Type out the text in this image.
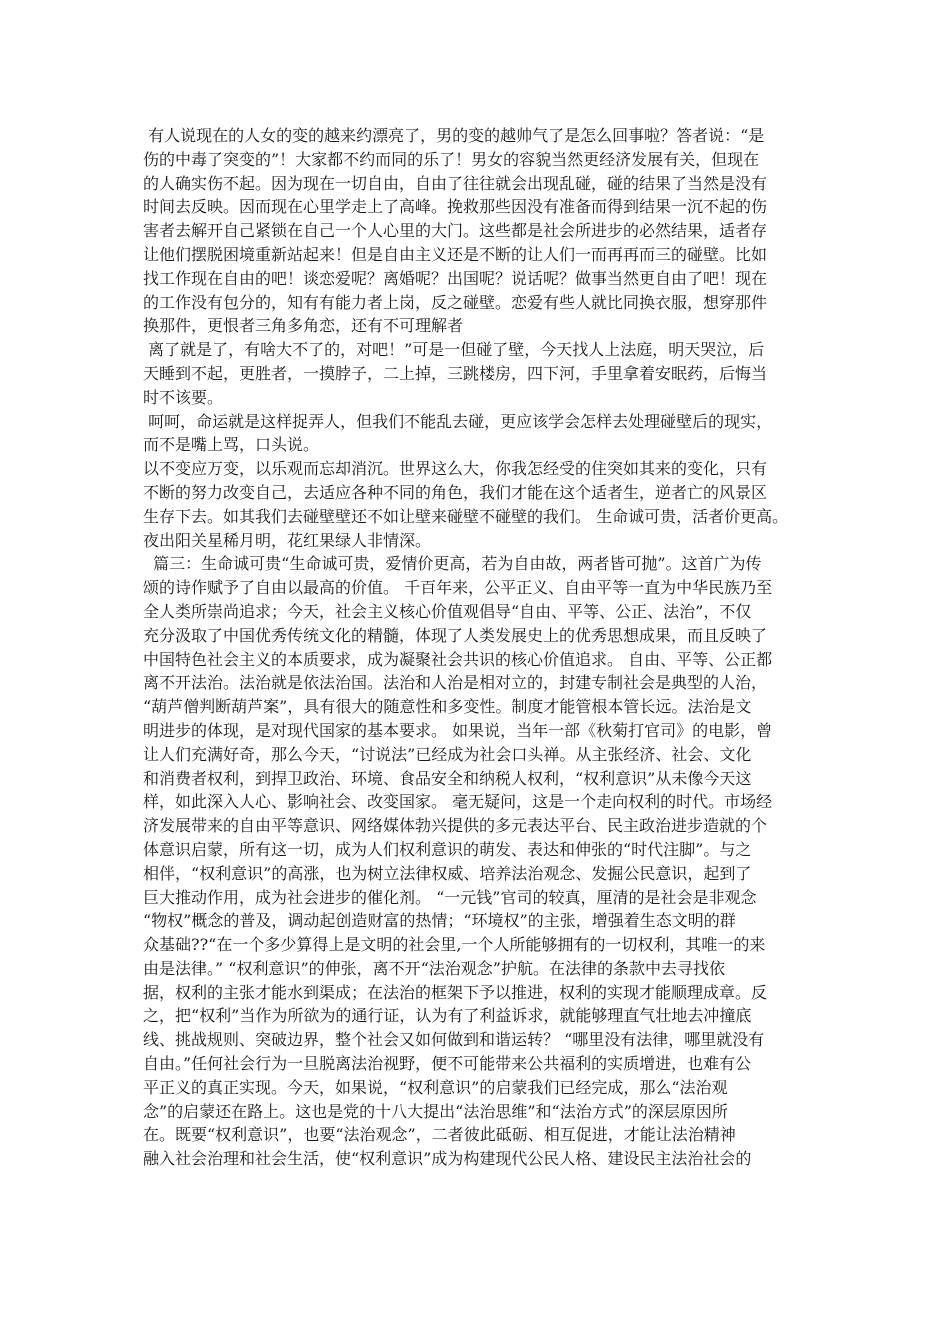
有人说现在的人女的变的越来约漂亮了，男的变的越帅气了是怎么回事啦？答者说：“是
伤的中毒了突变的”！大家都不约而同的乐了！男女的容貌当然更经济发展有关，但现在
的人确实伤不起。因为现在一切自由，自由了往往就会出现乱碰，碰的结果了当然是没有
时间去反映。因而现在心里学走上了高峰。挽救那些因没有准备而得到结果一沉不起的伤
害者去解开自己紧锁在自己一个人心里的大门。这些都是社会所进步的必然结果，适者存
让他们摆脱困境重新站起来！但是自由主义还是不断的让人们一而再再而三的碰壁。比如
找工作现在自由的吧！谈恋爱呢？离婚呢？出国呢？说话呢？做事当然更自由了吧！现在
的工作没有包分的，知有有能力者上岗，反之碰壁。恋爱有些人就比同换衣服，想穿那件
换那件，更恨者三角多角恋，还有不可理解者
离了就是了，有啥大不了的，对吧！”可是一但碰了壁，今天找人上法庭，明天哭泣，后
天睡到不起，更胜者，一摸脖子，二上掉，三跳楼房，四下河，手里拿着安眠药，后悔当
时不该要。
呵呵，命运就是这样捉弄人，但我们不能乱去碰，更应该学会怎样去处理碰壁后的现实，
而不是嘴上骂，口头说。
以不变应万变，以乐观而忘却消沉。世界这么大，你我怎经受的住突如其来的变化，只有
不断的努力改变自己，去适应各种不同的角色，我们才能在这个适者生，逆者亡的风景区
生存下去。如其我们去碰壁壁还不如让壁来碰壁不碰壁的我们。 生命诚可贵，活者价更高。
夜出阳关星稀月明，花红果绿人非情深。
篇三：生命诚可贵“生命诚可贵，爱情价更高，若为自由故，两者皆可抛”。这首广为传
颂的诗作赋予了自由以最高的价值。 千百年来，公平正义、自由平等一直为中华民族乃至
全人类所崇尚追求；今天，社会主义核心价值观倡导“自由、平等、公正、法治”，不仅
充分汲取了中国优秀传统文化的精髓，体现了人类发展史上的优秀思想成果，而且反映了
中国特色社会主义的本质要求，成为凝聚社会共识的核心价值追求。 自由、平等、公正都
离不开法治。法治就是依法治国。法治和人治是相对立的，封建专制社会是典型的人治，
“葫芦僧判断葫芦案”，具有很大的随意性和多变性。制度才能管根本管长远。法治是文
明进步的体现，是对现代国家的基本要求。 如果说，当年一部《秋菊打官司》的电影，曾
让人们充满好奇，那么今天，“讨说法”已经成为社会口头禅。从主张经济、社会、文化
和消费者权利，到捍卫政治、环境、食品安全和纳税人权利，“权利意识”从未像今天这
样，如此深入人心、影响社会、改变国家。 毫无疑问，这是一个走向权利的时代。市场经
济发展带来的自由平等意识、网络媒体勃兴提供的多元表达平台、民主政治进步造就的个
体意识启蒙，所有这一切，成为人们权利意识的萌发、表达和伸张的“时代注脚”。与之
相伴，“权利意识”的高涨，也为树立法律权威、培养法治观念、发掘公民意识，起到了
巨大推动作用，成为社会进步的催化剂。 “一元钱”官司的较真，厘清的是社会是非观念
“物权”概念的普及，调动起创造财富的热情；“环境权”的主张，增强着生态文明的群
众基础??“在一个多少算得上是文明的社会里,一个人所能够拥有的一切权利，其唯一的来
由是法律。” “权利意识”的伸张，离不开“法治观念”护航。在法律的条款中去寻找依
据，权利的主张才能水到渠成；在法治的框架下予以推进，权利的实现才能顺理成章。反
之，把“权利”当作为所欲为的通行证，认为有了利益诉求，就能够理直气壮地去冲撞底
线、挑战规则、突破边界，整个社会又如何做到和谐运转？ “哪里没有法律，哪里就没有
自由。”任何社会行为一旦脱离法治视野，便不可能带来公共福利的实质增进，也难有公
平正义的真正实现。今天，如果说，“权利意识”的启蒙我们已经完成，那么“法治观
念”的启蒙还在路上。这也是党的十八大提出“法治思维”和“法治方式”的深层原因所
在。既要“权利意识”，也要“法治观念”，二者彼此砥砺、相互促进，才能让法治精神
融入社会治理和社会生活，使“权利意识”成为构建现代公民人格、建设民主法治社会的
